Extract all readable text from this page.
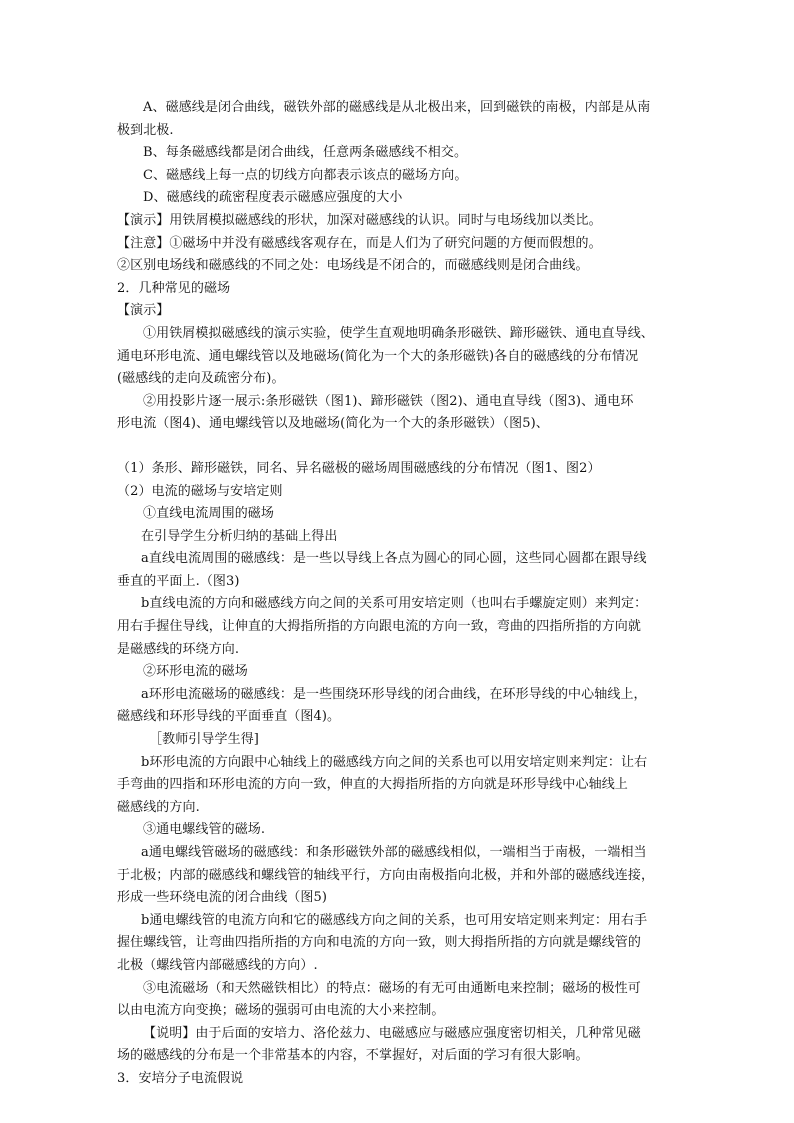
A、磁感线是闭合曲线，磁铁外部的磁感线是从北极出来，回到磁铁的南极，内部是从南

极到北极.

B、每条磁感线都是闭合曲线，任意两条磁感线不相交。

C、磁感线上每一点的切线方向都表示该点的磁场方向。

D、磁感线的疏密程度表示磁感应强度的大小

【演示】用铁屑模拟磁感线的形状，加深对磁感线的认识。同时与电场线加以类比。

【注意】①磁场中并没有磁感线客观存在，而是人们为了研究问题的方便而假想的。

②区别电场线和磁感线的不同之处：电场线是不闭合的，而磁感线则是闭合曲线。

2．几种常见的磁场

【演示】

①用铁屑模拟磁感线的演示实验，使学生直观地明确条形磁铁、蹄形磁铁、通电直导线、

通电环形电流、通电螺线管以及地磁场(简化为一个大的条形磁铁)各自的磁感线的分布情况

(磁感线的走向及疏密分布)。

②用投影片逐一展示:条形磁铁（图1)、蹄形磁铁（图2)、通电直导线（图3)、通电环

形电流（图4)、通电螺线管以及地磁场(简化为一个大的条形磁铁）（图5)、

（1）条形、蹄形磁铁，同名、异名磁极的磁场周围磁感线的分布情况（图1、图2）

（2）电流的磁场与安培定则

①直线电流周围的磁场

在引导学生分析归纳的基础上得出

a直线电流周围的磁感线：是一些以导线上各点为圆心的同心圆，这些同心圆都在跟导线

垂直的平面上.（图3)

b直线电流的方向和磁感线方向之间的关系可用安培定则（也叫右手螺旋定则）来判定：

用右手握住导线，让伸直的大拇指所指的方向跟电流的方向一致，弯曲的四指所指的方向就

是磁感线的环绕方向.

②环形电流的磁场

a环形电流磁场的磁感线：是一些围绕环形导线的闭合曲线，在环形导线的中心轴线上，

磁感线和环形导线的平面垂直（图4)。

［教师引导学生得]

b环形电流的方向跟中心轴线上的磁感线方向之间的关系也可以用安培定则来判定：让右

手弯曲的四指和环形电流的方向一致，伸直的大拇指所指的方向就是环形导线中心轴线上

磁感线的方向.

③通电螺线管的磁场.

a通电螺线管磁场的磁感线：和条形磁铁外部的磁感线相似，一端相当于南极，一端相当

于北极；内部的磁感线和螺线管的轴线平行，方向由南极指向北极，并和外部的磁感线连接，

形成一些环绕电流的闭合曲线（图5)

b通电螺线管的电流方向和它的磁感线方向之间的关系，也可用安培定则来判定：用右手

握住螺线管，让弯曲四指所指的方向和电流的方向一致，则大拇指所指的方向就是螺线管的

北极（螺线管内部磁感线的方向）.

③电流磁场（和天然磁铁相比）的特点：磁场的有无可由通断电来控制；磁场的极性可

以由电流方向变换；磁场的强弱可由电流的大小来控制。

【说明】由于后面的安培力、洛伦兹力、电磁感应与磁感应强度密切相关，几种常见磁

场的磁感线的分布是一个非常基本的内容，不掌握好，对后面的学习有很大影响。

3．安培分子电流假说
